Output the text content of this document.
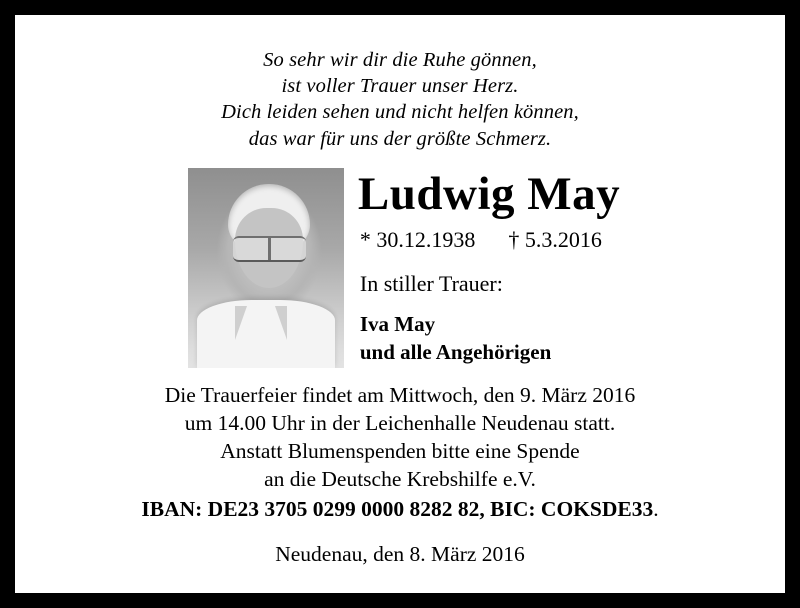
So sehr wir dir die Ruhe gönnen,
ist voller Trauer unser Herz.
Dich leiden sehen und nicht helfen können,
das war für uns der größte Schmerz.
Ludwig May
* 30.12.1938 † 5.3.2016
In stiller Trauer:
Iva May
und alle Angehörigen
Die Trauerfeier findet am Mittwoch, den 9. März 2016
um 14.00 Uhr in der Leichenhalle Neudenau statt.
Anstatt Blumenspenden bitte eine Spende
an die Deutsche Krebshilfe e.V.
IBAN: DE23 3705 0299 0000 8282 82, BIC: COKSDE33.
Neudenau, den 8. März 2016
